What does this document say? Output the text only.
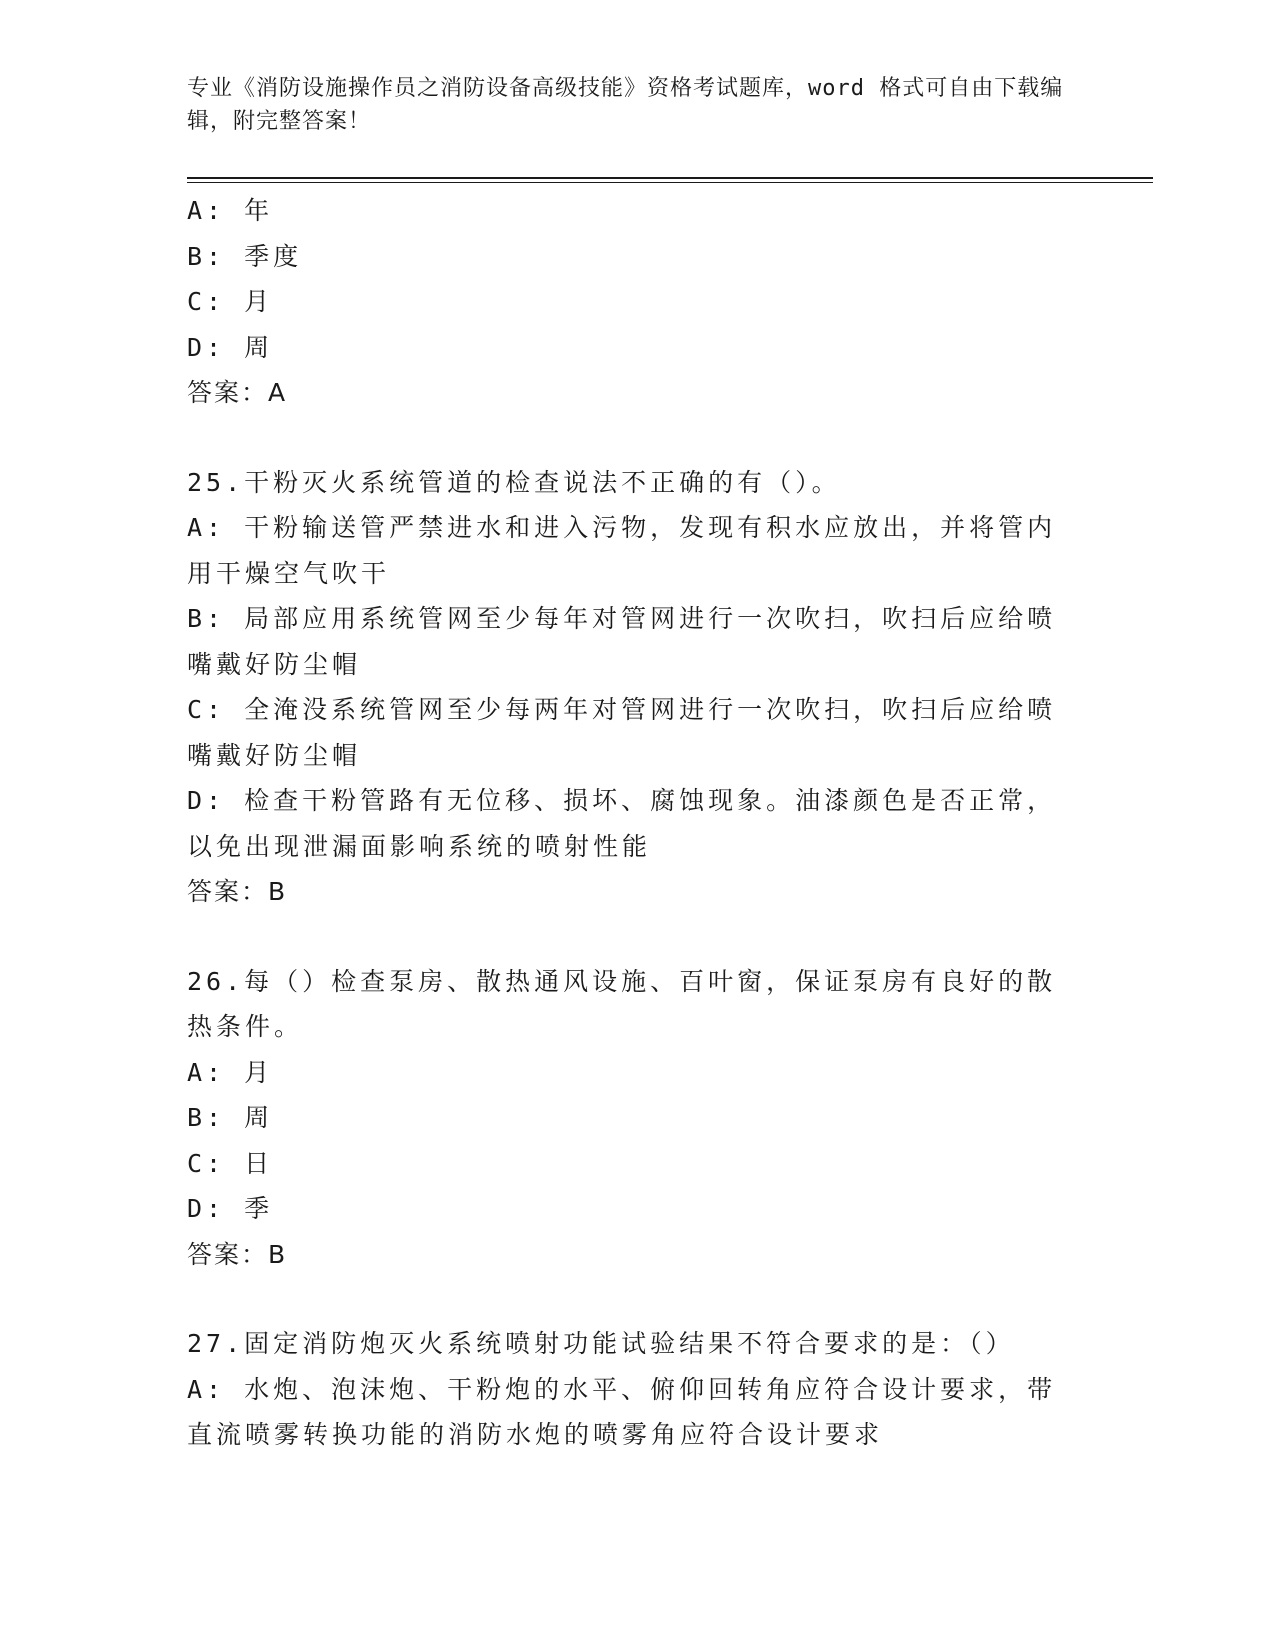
专业《消防设施操作员之消防设备高级技能》资格考试题库，word 格式可自由下载编辑，附完整答案！
A: 年
B: 季度
C: 月
D: 周
答案：A
25.干粉灭火系统管道的检查说法不正确的有（）。
A: 干粉输送管严禁进水和进入污物，发现有积水应放出，并将管内用干燥空气吹干
B: 局部应用系统管网至少每年对管网进行一次吹扫，吹扫后应给喷嘴戴好防尘帽
C: 全淹没系统管网至少每两年对管网进行一次吹扫，吹扫后应给喷嘴戴好防尘帽
D: 检查干粉管路有无位移、损坏、腐蚀现象。油漆颜色是否正常，以免出现泄漏面影响系统的喷射性能
答案：B
26.每（）检查泵房、散热通风设施、百叶窗，保证泵房有良好的散热条件。
A: 月
B: 周
C: 日
D: 季
答案：B
27.固定消防炮灭火系统喷射功能试验结果不符合要求的是：（）
A: 水炮、泡沫炮、干粉炮的水平、俯仰回转角应符合设计要求，带直流喷雾转换功能的消防水炮的喷雾角应符合设计要求
